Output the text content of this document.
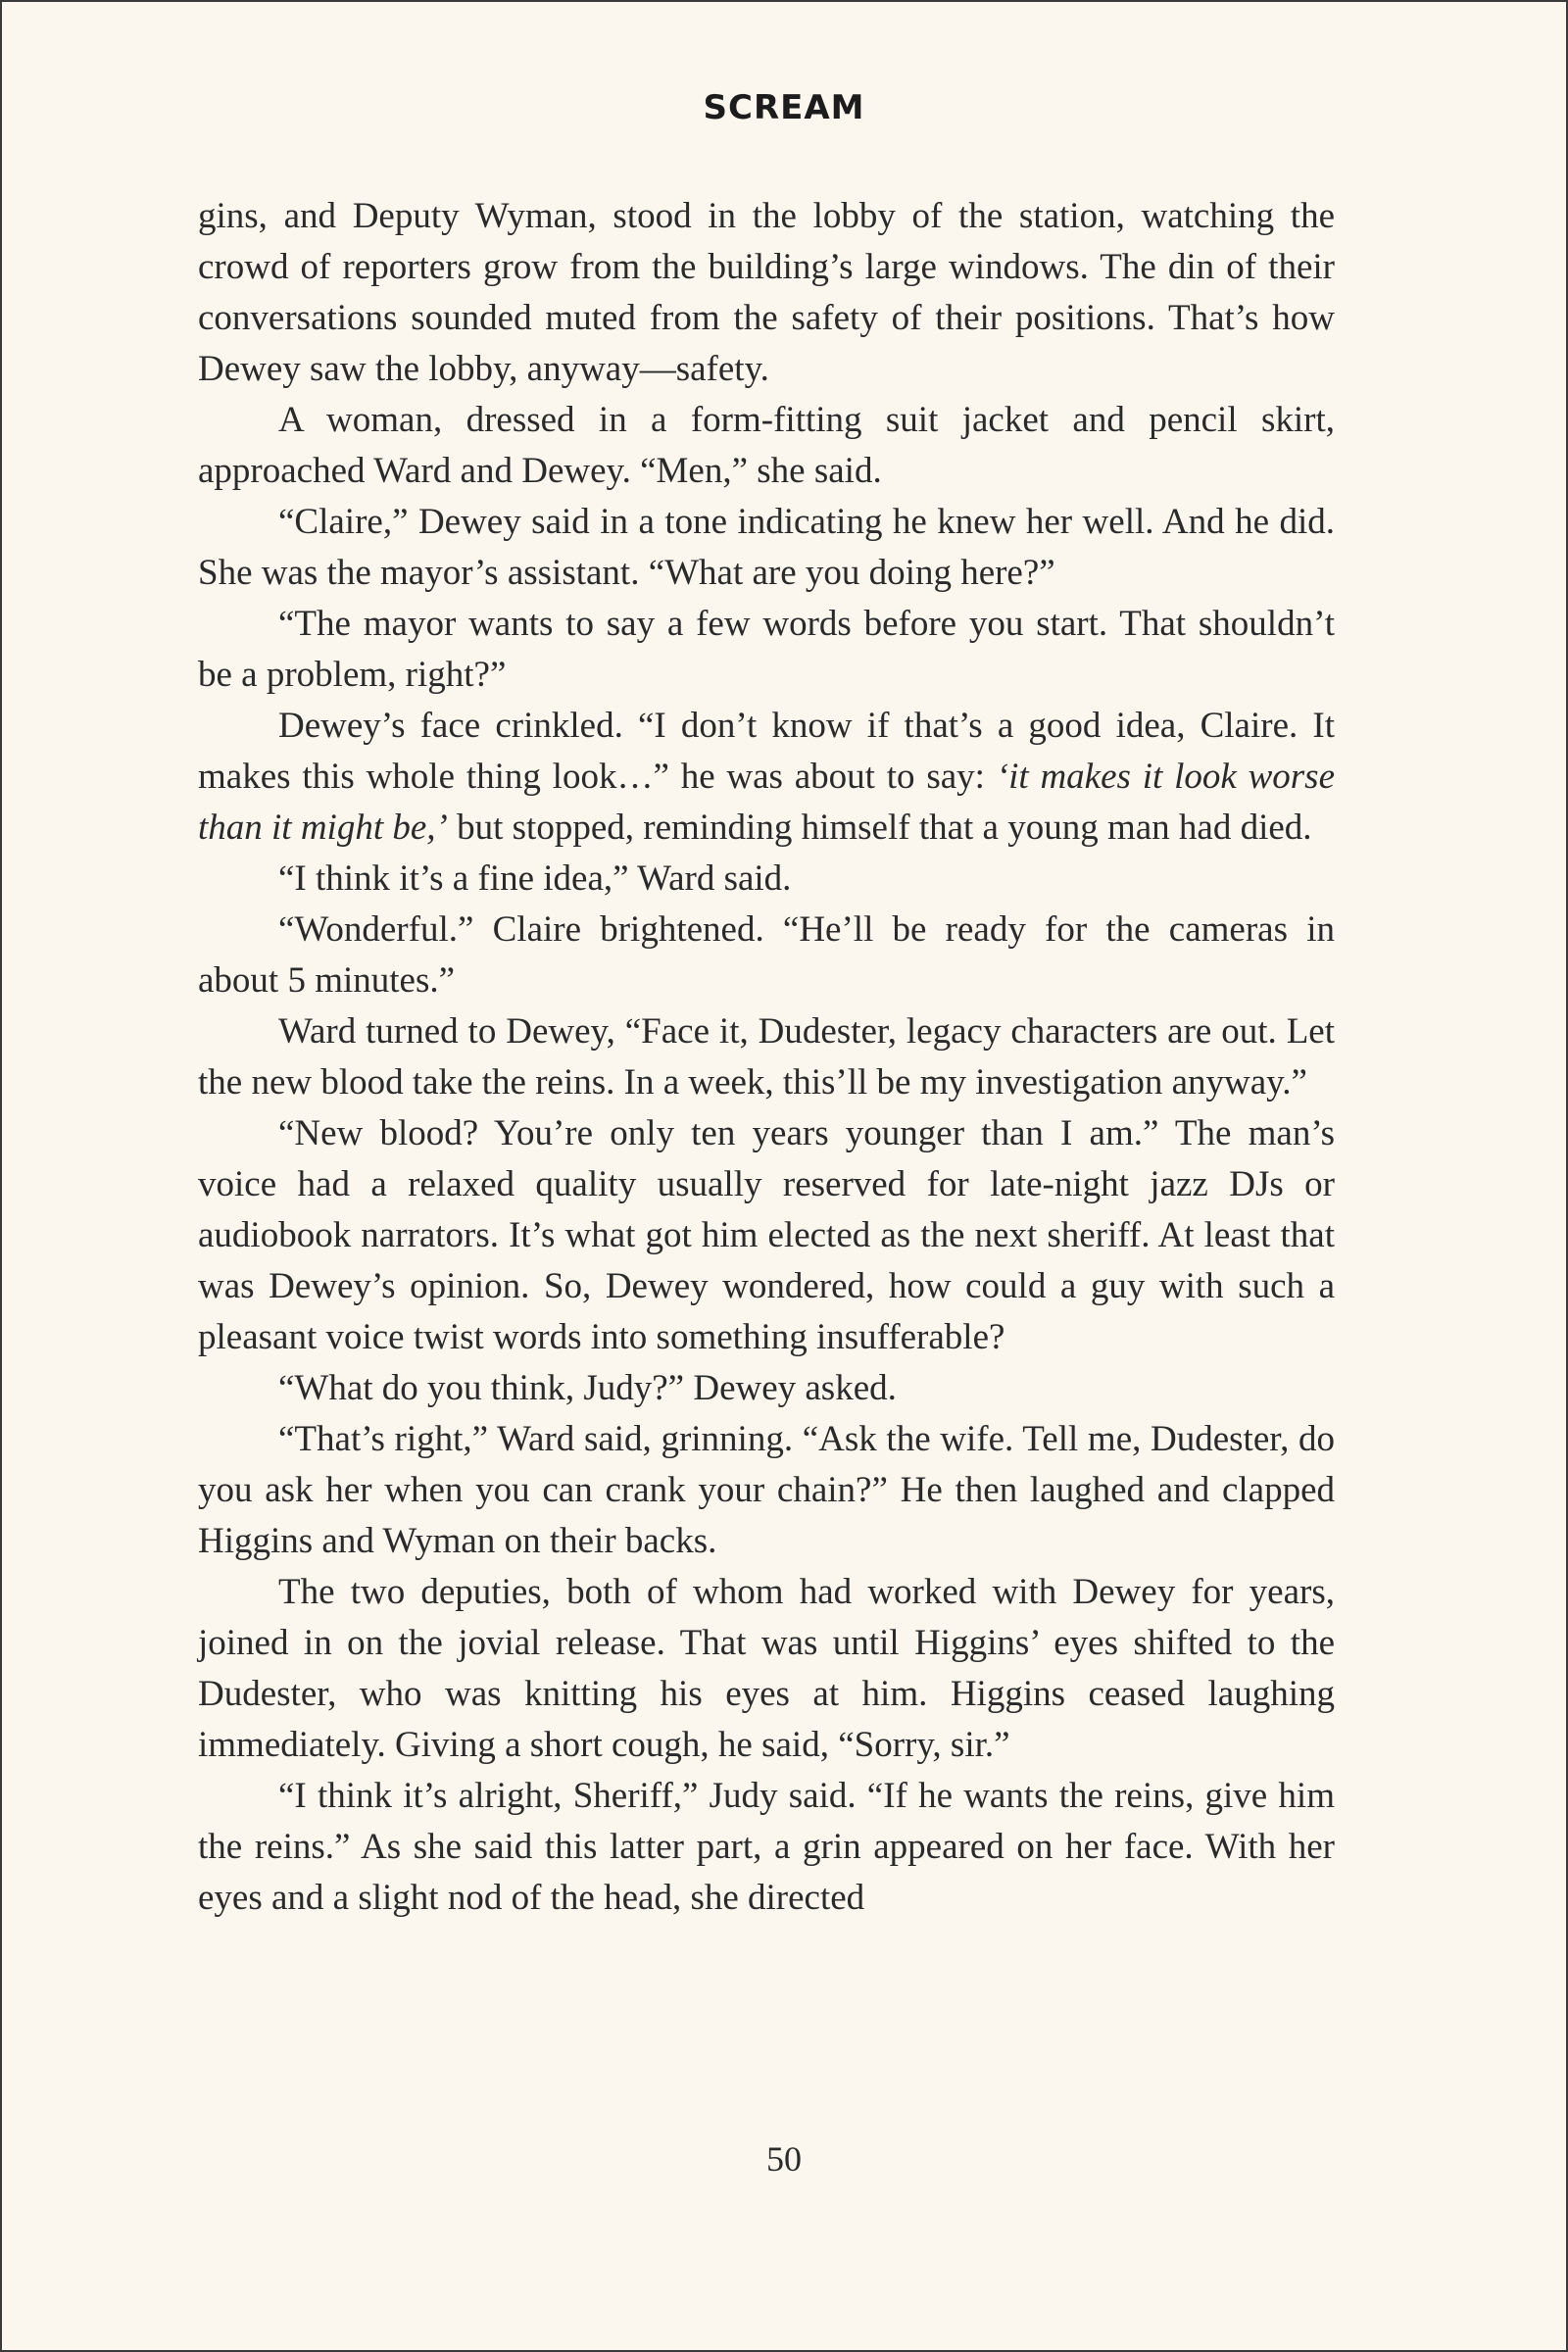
SCREAM

gins, and Deputy Wyman, stood in the lobby of the station, watching the crowd of reporters grow from the building’s large windows. The din of their conversations sounded muted from the safety of their positions. That’s how Dewey saw the lobby, anyway—safety.

A woman, dressed in a form-fitting suit jacket and pencil skirt, approached Ward and Dewey. “Men,” she said.

“Claire,” Dewey said in a tone indicating he knew her well. And he did. She was the mayor’s assistant. “What are you doing here?”

“The mayor wants to say a few words before you start. That shouldn’t be a problem, right?”

Dewey’s face crinkled. “I don’t know if that’s a good idea, Claire. It makes this whole thing look…” he was about to say: ‘it makes it look worse than it might be,’ but stopped, reminding himself that a young man had died.

“I think it’s a fine idea,” Ward said.

“Wonderful.” Claire brightened. “He’ll be ready for the cameras in about 5 minutes.”

Ward turned to Dewey, “Face it, Dudester, legacy characters are out. Let the new blood take the reins. In a week, this’ll be my investigation anyway.”

“New blood? You’re only ten years younger than I am.” The man’s voice had a relaxed quality usually reserved for late-night jazz DJs or audiobook narrators. It’s what got him elected as the next sheriff. At least that was Dewey’s opinion. So, Dewey wondered, how could a guy with such a pleasant voice twist words into something insufferable?

“What do you think, Judy?” Dewey asked.

“That’s right,” Ward said, grinning. “Ask the wife. Tell me, Dudester, do you ask her when you can crank your chain?” He then laughed and clapped Higgins and Wyman on their backs.

The two deputies, both of whom had worked with Dewey for years, joined in on the jovial release. That was until Higgins’ eyes shifted to the Dudester, who was knitting his eyes at him. Higgins ceased laughing immediately. Giving a short cough, he said, “Sorry, sir.”

“I think it’s alright, Sheriff,” Judy said. “If he wants the reins, give him the reins.” As she said this latter part, a grin appeared on her face. With her eyes and a slight nod of the head, she directed

50
